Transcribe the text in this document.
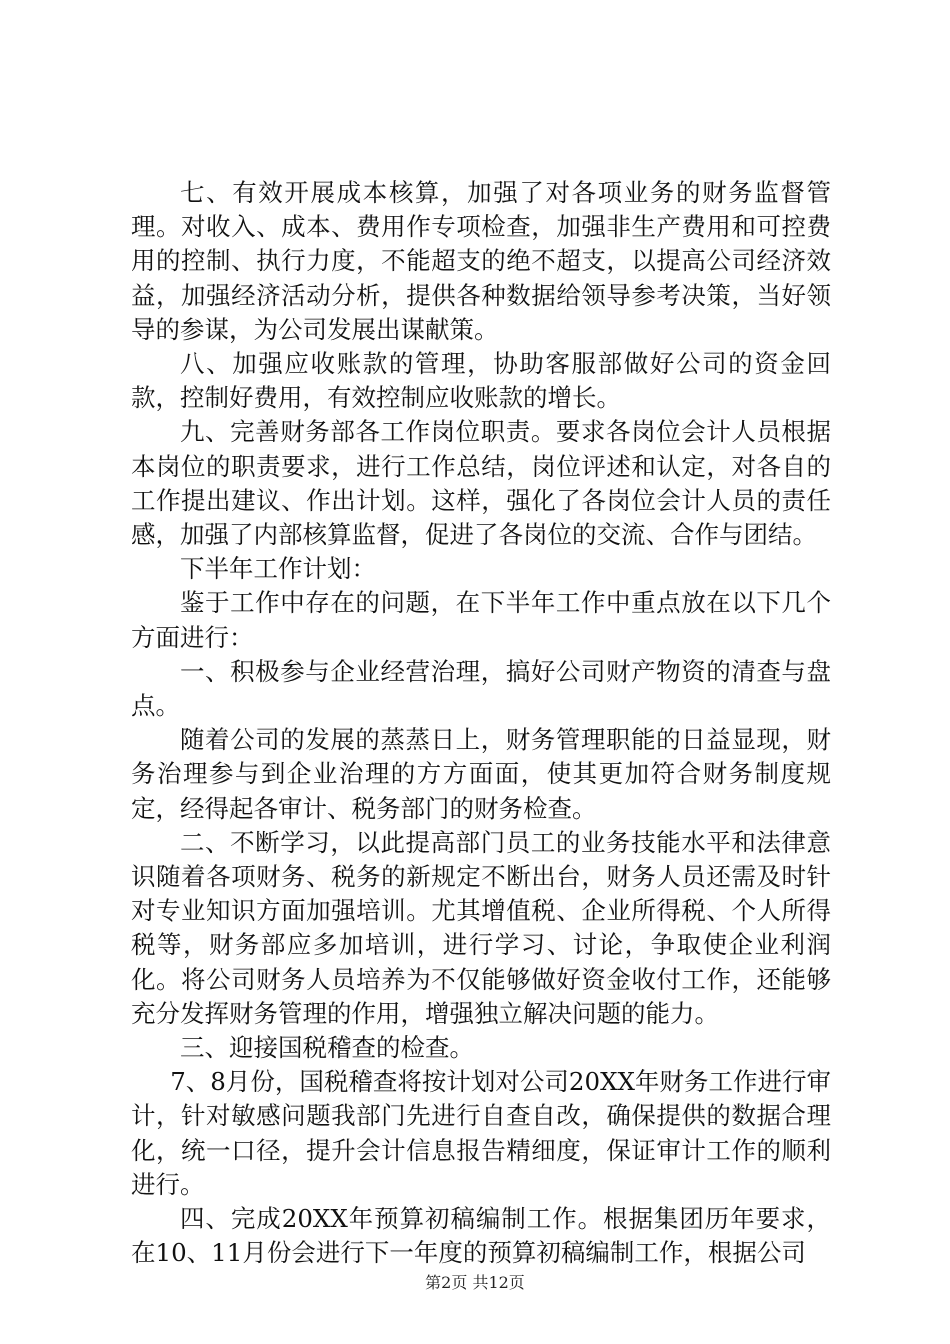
七、有效开展成本核算，加强了对各项业务的财务监督管理。对收入、成本、费用作专项检查，加强非生产费用和可控费用的控制、执行力度，不能超支的绝不超支，以提高公司经济效益，加强经济活动分析，提供各种数据给领导参考决策，当好领导的参谋，为公司发展出谋献策。

八、加强应收账款的管理，协助客服部做好公司的资金回款，控制好费用，有效控制应收账款的增长。

九、完善财务部各工作岗位职责。要求各岗位会计人员根据本岗位的职责要求，进行工作总结，岗位评述和认定，对各自的工作提出建议、作出计划。这样，强化了各岗位会计人员的责任感，加强了内部核算监督，促进了各岗位的交流、合作与团结。

下半年工作计划：

鉴于工作中存在的问题，在下半年工作中重点放在以下几个方面进行：

一、积极参与企业经营治理，搞好公司财产物资的清查与盘点。

随着公司的发展的蒸蒸日上，财务管理职能的日益显现，财务治理参与到企业治理的方方面面，使其更加符合财务制度规定，经得起各审计、税务部门的财务检查。

二、不断学习，以此提高部门员工的业务技能水平和法律意识随着各项财务、税务的新规定不断出台，财务人员还需及时针对专业知识方面加强培训。尤其增值税、企业所得税、个人所得税等，财务部应多加培训，进行学习、讨论，争取使企业利润化。将公司财务人员培养为不仅能够做好资金收付工作，还能够充分发挥财务管理的作用，增强独立解决问题的能力。

三、迎接国税稽查的检查。

7、8月份，国税稽查将按计划对公司20XX年财务工作进行审计，针对敏感问题我部门先进行自查自改，确保提供的数据合理化，统一口径，提升会计信息报告精细度，保证审计工作的顺利进行。

四、完成20XX年预算初稿编制工作。根据集团历年要求，在10、11月份会进行下一年度的预算初稿编制工作，根据公司

第2页 共12页
